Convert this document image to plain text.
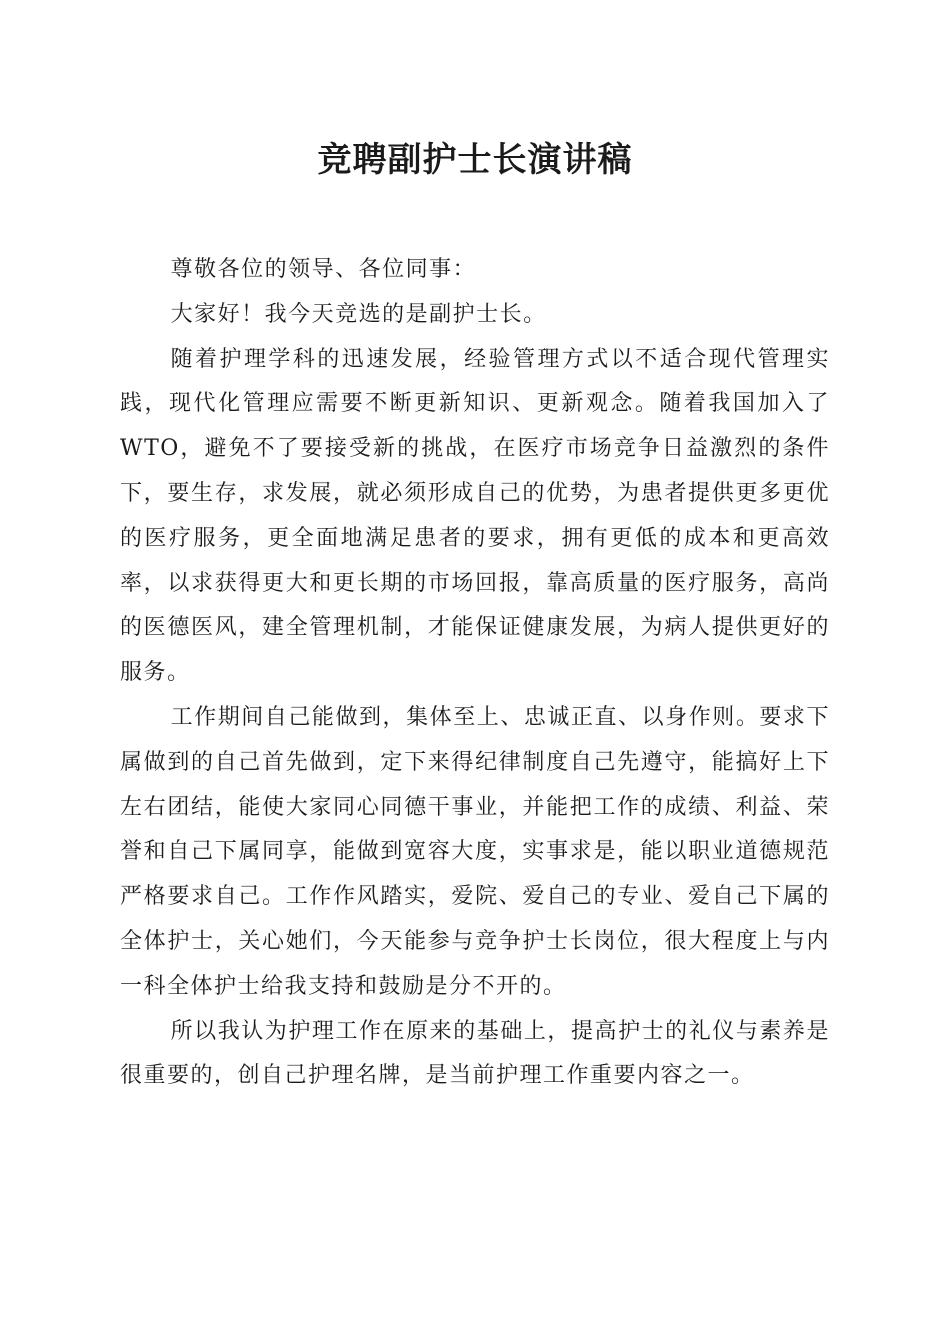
竞聘副护士长演讲稿

尊敬各位的领导、各位同事：

大家好！我今天竞选的是副护士长。

随着护理学科的迅速发展，经验管理方式以不适合现代管理实践，现代化管理应需要不断更新知识、更新观念。随着我国加入了WTO，避免不了要接受新的挑战，在医疗市场竞争日益激烈的条件下，要生存，求发展，就必须形成自己的优势，为患者提供更多更优的医疗服务，更全面地满足患者的要求，拥有更低的成本和更高效率，以求获得更大和更长期的市场回报，靠高质量的医疗服务，高尚的医德医风，建全管理机制，才能保证健康发展，为病人提供更好的服务。

工作期间自己能做到，集体至上、忠诚正直、以身作则。要求下属做到的自己首先做到，定下来得纪律制度自己先遵守，能搞好上下左右团结，能使大家同心同德干事业，并能把工作的成绩、利益、荣誉和自己下属同享，能做到宽容大度，实事求是，能以职业道德规范严格要求自己。工作作风踏实，爱院、爱自己的专业、爱自己下属的全体护士，关心她们，今天能参与竞争护士长岗位，很大程度上与内一科全体护士给我支持和鼓励是分不开的。

所以我认为护理工作在原来的基础上，提高护士的礼仪与素养是很重要的，创自己护理名牌，是当前护理工作重要内容之一。
